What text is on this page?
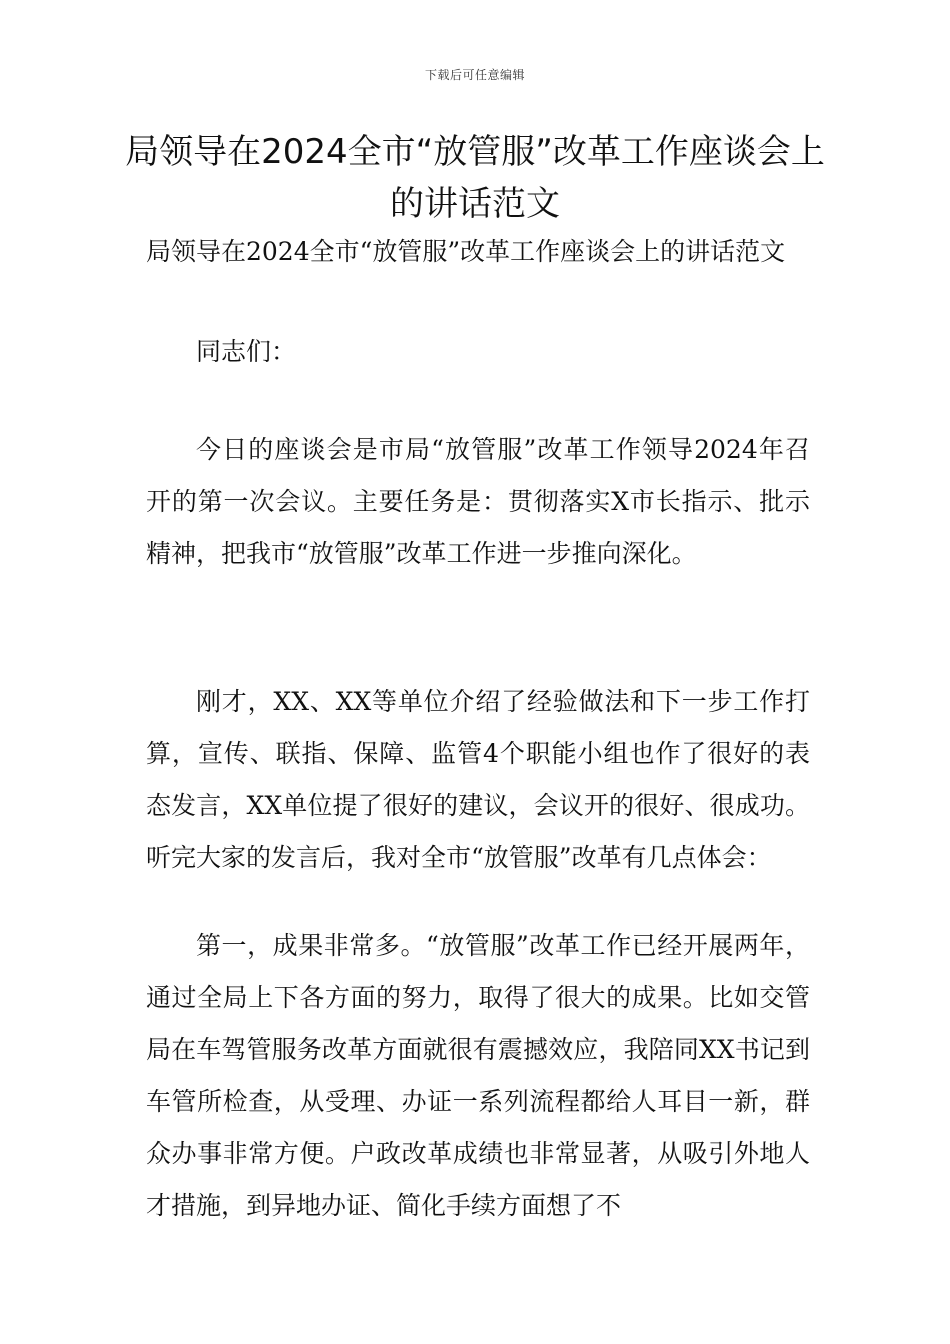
下载后可任意编辑
局领导在2024全市“放管服”改革工作座谈会上的讲话范文

局领导在2024全市“放管服”改革工作座谈会上的讲话范文

同志们：

今日的座谈会是市局“放管服”改革工作领导2024年召开的第一次会议。主要任务是：贯彻落实X市长指示、批示精神，把我市“放管服”改革工作进一步推向深化。

刚才，XX、XX等单位介绍了经验做法和下一步工作打算，宣传、联指、保障、监管4个职能小组也作了很好的表态发言，XX单位提了很好的建议，会议开的很好、很成功。听完大家的发言后，我对全市“放管服”改革有几点体会：

第一，成果非常多。“放管服”改革工作已经开展两年，通过全局上下各方面的努力，取得了很大的成果。比如交管局在车驾管服务改革方面就很有震撼效应，我陪同XX书记到车管所检查，从受理、办证一系列流程都给人耳目一新，群众办事非常方便。户政改革成绩也非常显著，从吸引外地人才措施，到异地办证、简化手续方面想了不
